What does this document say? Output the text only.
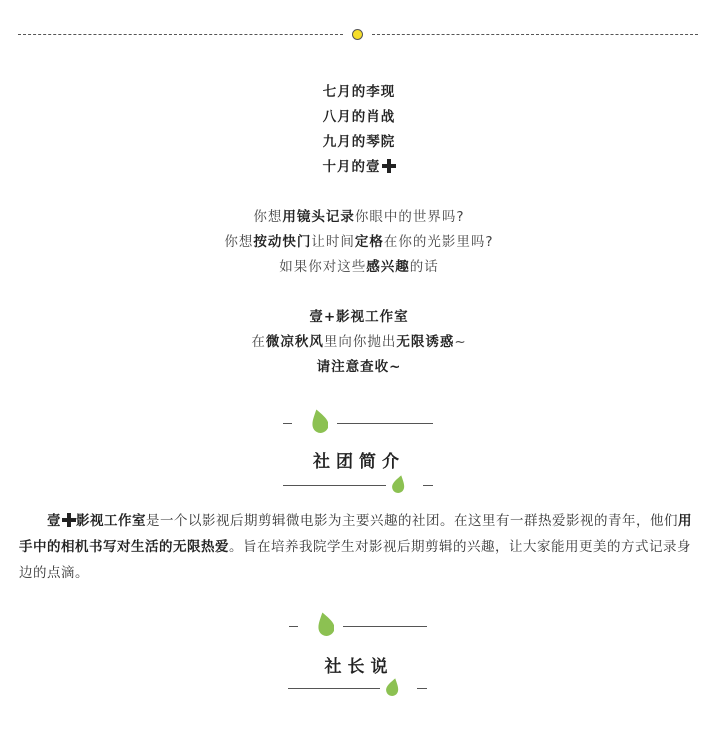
七月的李现
八月的肖战
九月的琴院
十月的壹
你想用镜头记录你眼中的世界吗?
你想按动快门让时间定格在你的光影里吗?
如果你对这些感兴趣的话
壹+影视工作室
在微凉秋风里向你抛出无限诱惑~
请注意查收~
社团简介
壹 影视工作室是一个以影视后期剪辑微电影为主要兴趣的社团。在这里有一群热爱影视的青年，他们用手中的相机书写对生活的无限热爱。旨在培养我院学生对影视后期剪辑的兴趣，让大家能用更美的方式记录身边的点滴。
社长说
